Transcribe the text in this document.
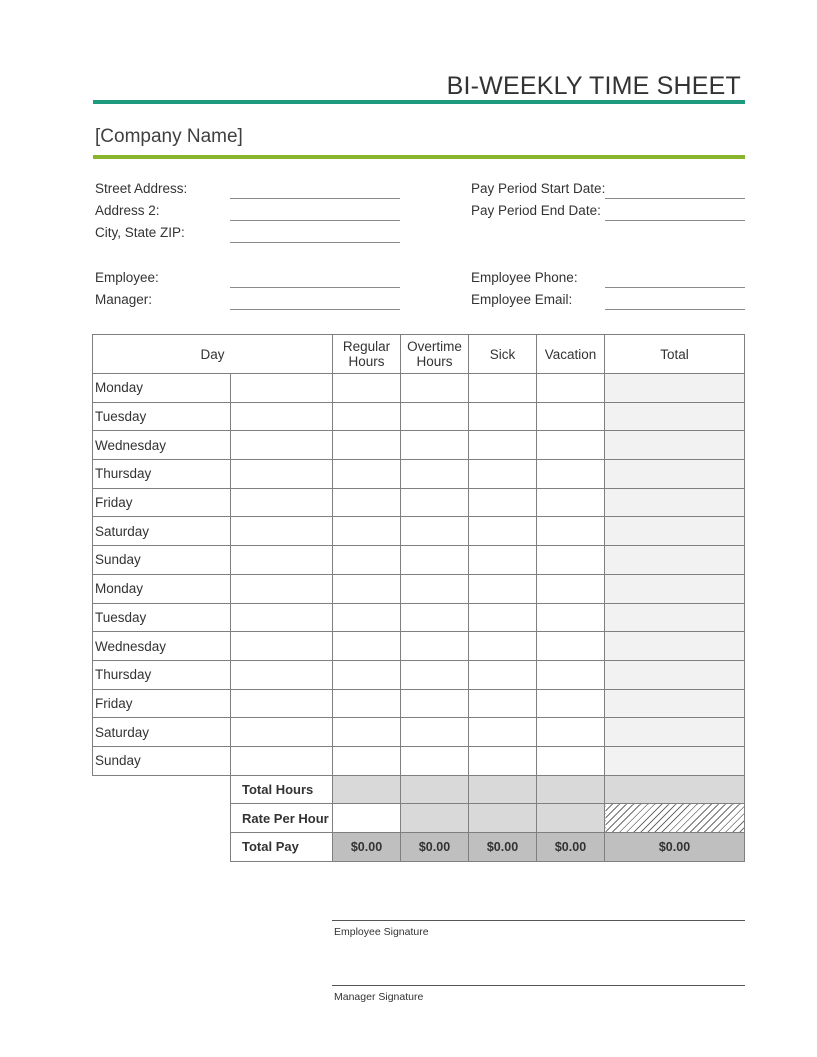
BI-WEEKLY TIME SHEET
[Company Name]
Street Address:
Address 2:
City, State ZIP:
Employee:
Manager:
Pay Period Start Date:
Pay Period End Date:
Employee Phone:
Employee Email:
Day		Regular Hours	Overtime Hours	Sick	Vacation	Total
Monday						
Tuesday						
Wednesday						
Thursday						
Friday						
Saturday						
Sunday						
Monday						
Tuesday						
Wednesday						
Thursday						
Friday						
Saturday						
Sunday						
	Total Hours					
	Rate Per Hour					
	Total Pay	$0.00	$0.00	$0.00	$0.00	$0.00
Employee Signature
Manager Signature
